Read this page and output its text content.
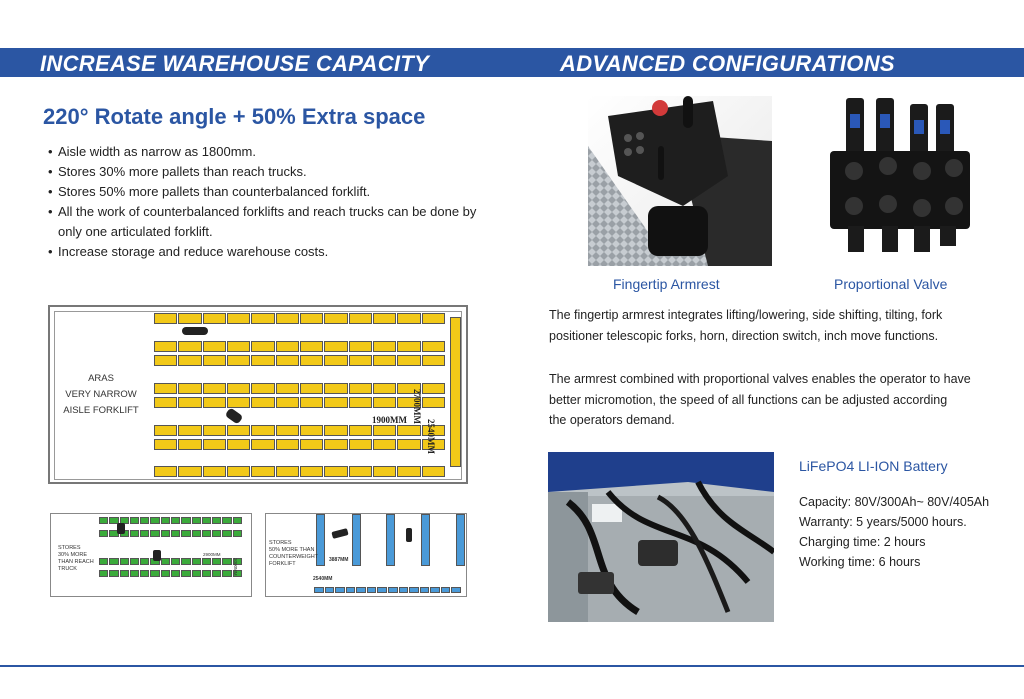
INCREASE WAREHOUSE CAPACITY	ADVANCED CONFIGURATIONS
220° Rotate angle + 50% Extra space
• Aisle width as narrow as 1800mm.
• Stores 30% more pallets than reach trucks.
• Stores 50% more pallets than counterbalanced forklift.
• All the work of counterbalanced forklifts and reach trucks can be done by only one articulated forklift.
• Increase storage and reduce warehouse costs.
ARAS
VERY NARROW
AISLE FORKLIFT
1900MM 2700MM
2540MM
STORES
30% MORE
THAN REACH
TRUCK
2900MM
3000MM
STORES
50% MORE THAN
COUNTERWEIGHT
FORKLIFT
3887MM
2540MM
Fingertip Armrest	Proportional Valve
The fingertip armrest integrates lifting/lowering, side shifting, tilting, fork
positioner telescopic forks, horn, direction switch, inch move functions.
The armrest combined with proportional valves enables the operator to have
better micromotion, the speed of all functions can be adjusted according
the operators demand.
LiFePO4 LI-ION Battery
Capacity: 80V/300Ah~ 80V/405Ah
Warranty: 5 years/5000 hours.
Charging time: 2 hours
Working time: 6 hours
